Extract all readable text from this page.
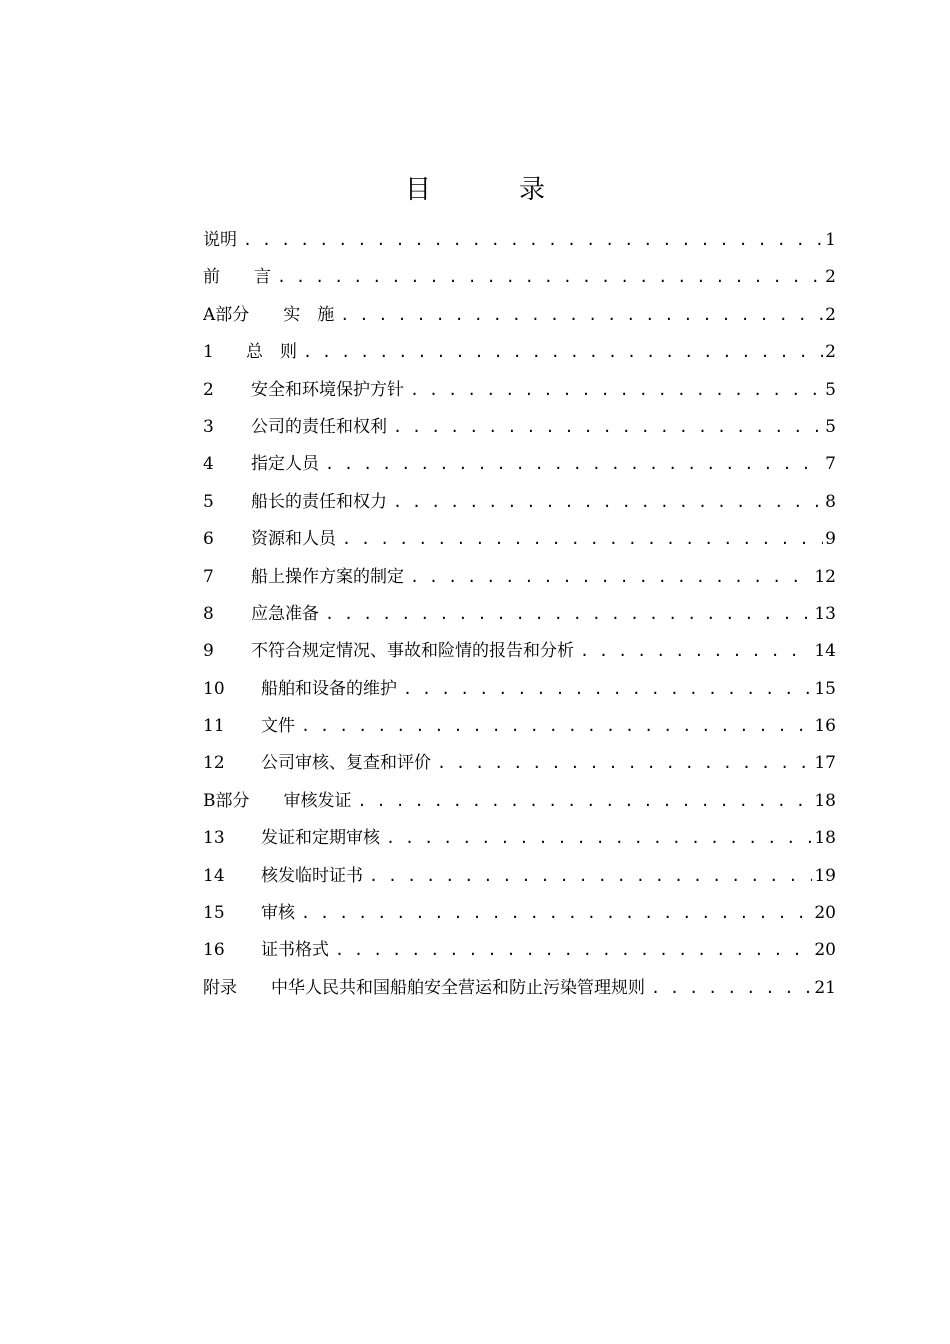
目	录
说明 . . .	1
前　　言 . . .	2
A部分　　实　施 . . .	2
1 　总　则 . . .	2
2	安全和环境保护方针 . . .	5
3	公司的责任和权利 . . .	5
4	指定人员 . . .	7
5	船长的责任和权力 . . .	8
6	资源和人员 . . .	9
7	船上操作方案的制定 . . .	12
8	应急准备 . . .	13
9	不符合规定情况、事故和险情的报告和分析 . . .	14
10	船舶和设备的维护 . . .	15
11	文件 . . .	16
12	公司审核、复查和评价 . . .	17
B部分　　审核发证 . . .	18
13	发证和定期审核 . . .	18
14	核发临时证书 . . .	19
15	审核 . . .	20
16	证书格式 . . .	20
附录　　中华人民共和国船舶安全营运和防止污染管理规则 . . .	21
